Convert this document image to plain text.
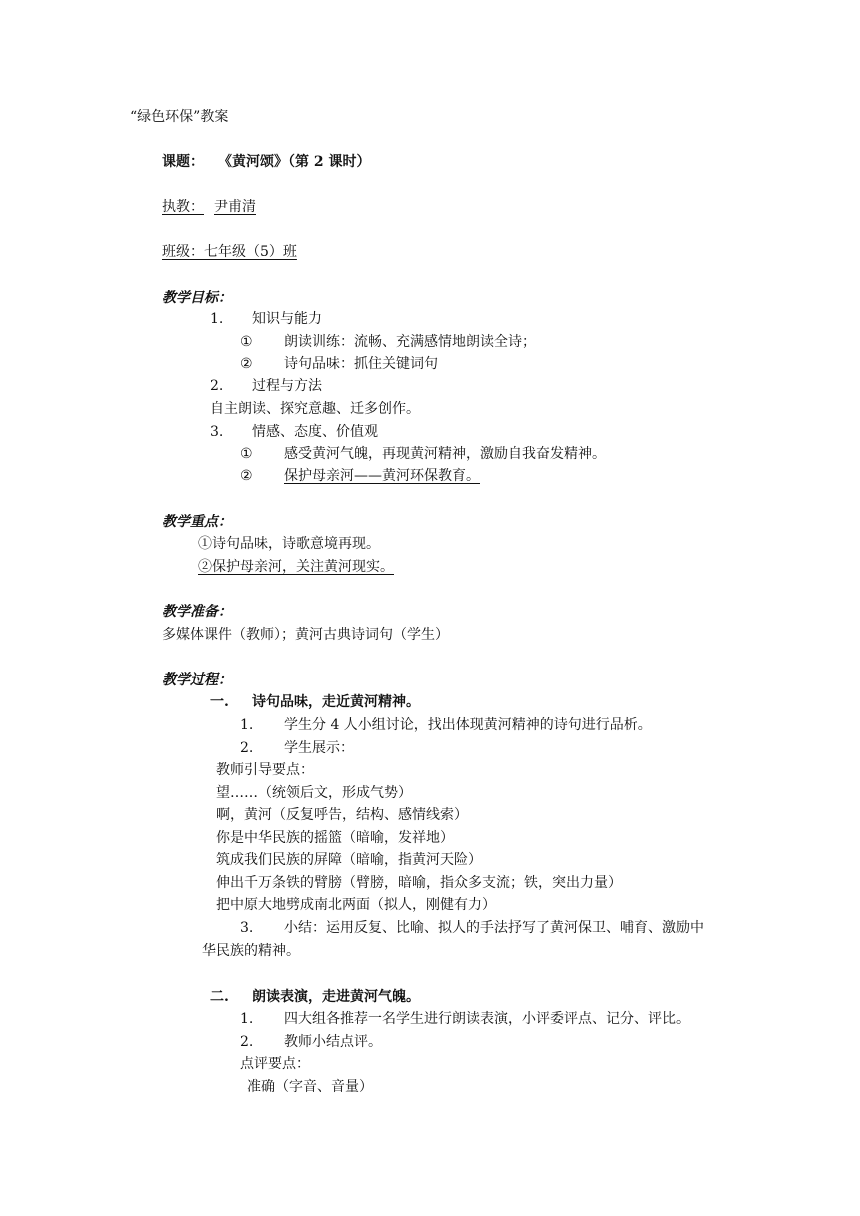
“绿色环保”教案
课题： 《黄河颂》（第 2 课时）
执教： 尹甫清
班级：七年级（5）班
教学目标：
1. 知识与能力
① 朗读训练：流畅、充满感情地朗读全诗；
② 诗句品味：抓住关键词句
2. 过程与方法
自主朗读、探究意趣、迁多创作。
3. 情感、态度、价值观
① 感受黄河气魄，再现黄河精神，激励自我奋发精神。
② 保护母亲河——黄河环保教育。
教学重点：
①诗句品味，诗歌意境再现。
②保护母亲河，关注黄河现实。
教学准备：
多媒体课件（教师）；黄河古典诗词句（学生）
教学过程：
一. 诗句品味，走近黄河精神。
1. 学生分 4 人小组讨论，找出体现黄河精神的诗句进行品析。
2. 学生展示：
教师引导要点：
望……（统领后文，形成气势）
啊，黄河（反复呼告，结构、感情线索）
你是中华民族的摇篮（暗喻，发祥地）
筑成我们民族的屏障（暗喻，指黄河天险）
伸出千万条铁的臂膀（臂膀，暗喻，指众多支流；铁，突出力量）
把中原大地劈成南北两面（拟人，刚健有力）
3. 小结：运用反复、比喻、拟人的手法抒写了黄河保卫、哺育、激励中
华民族的精神。
二. 朗读表演，走进黄河气魄。
1. 四大组各推荐一名学生进行朗读表演，小评委评点、记分、评比。
2. 教师小结点评。
点评要点：
准确（字音、音量）
